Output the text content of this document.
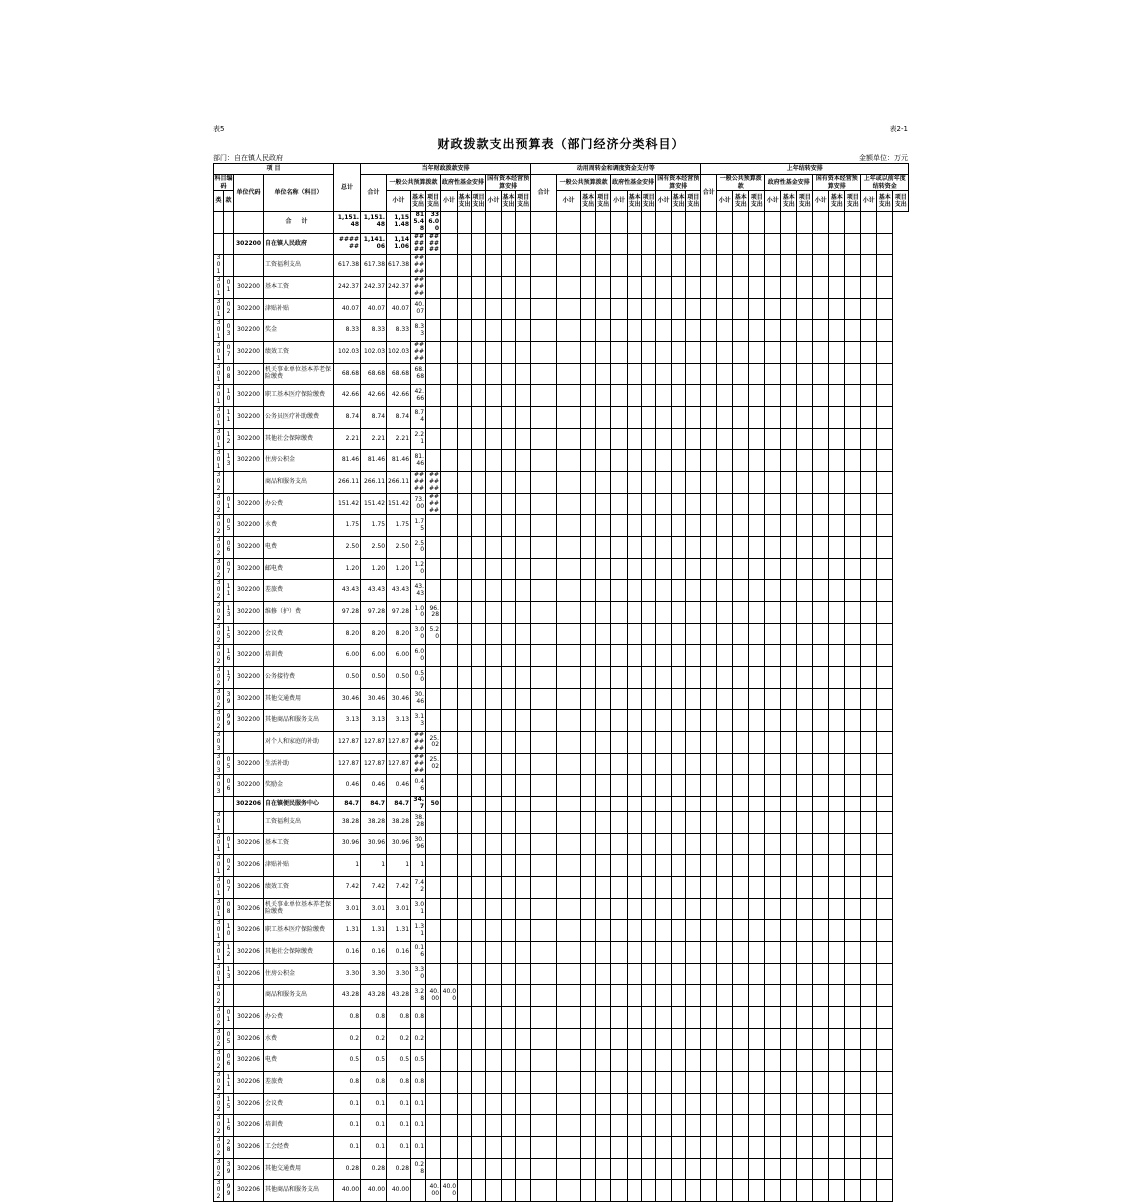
表5	表2-1
财政拨款支出预算表（部门经济分类科目）
部门：自在镇人民政府	金额单位：万元
项 目				总计	当年财政拨款安排										动用周转金和调度资金支付等										上年结转安排												
科目编码		单位代码	单位名称（科目）		合计	一般公共预算拨款			政府性基金安排			国有资本经营预算安排			合计	一般公共预算拨款			政府性基金安排			国有资本经营预算安排			合计	一般公共预算拨款			政府性基金安排			国有资本经营预算安排			上年或以前年度结转资金		
类	款					小计	基本支出	项目支出	小计	基本支出	项目支出	小计	基本支出	项目支出		小计	基本支出	项目支出	小计	基本支出	项目支出	小计	基本支出	项目支出		小计	基本支出	项目支出	小计	基本支出	项目支出	小计	基本支出	项目支出	小计	基本支出	项目支出
			合 计	1,151.48	1,151.48	1,151.48	815.48	336.00																													
		302200	自在镇人民政府	######	1,141.06	1,141.06	######	######																													
301			工资福利支出	617.38	617.38	617.38	######																														
301	01	302200	基本工资	242.37	242.37	242.37	######																														
301	02	302200	津贴补贴	40.07	40.07	40.07	40.07																														
301	03	302200	奖金	8.33	8.33	8.33	8.33																														
301	07	302200	绩效工资	102.03	102.03	102.03	######																														
301	08	302200	机关事业单位基本养老保险缴费	68.68	68.68	68.68	68.68																														
301	10	302200	职工基本医疗保险缴费	42.66	42.66	42.66	42.66																														
301	11	302200	公务员医疗补助缴费	8.74	8.74	8.74	8.74																														
301	12	302200	其他社会保障缴费	2.21	2.21	2.21	2.21																														
301	13	302200	住房公积金	81.46	81.46	81.46	81.46																														
302			商品和服务支出	266.11	266.11	266.11	######	######																													
302	01	302200	办公费	151.42	151.42	151.42	73.00	######																													
302	05	302200	水费	1.75	1.75	1.75	1.75																														
302	06	302200	电费	2.50	2.50	2.50	2.50																														
302	07	302200	邮电费	1.20	1.20	1.20	1.20																														
302	11	302200	差旅费	43.43	43.43	43.43	43.43																														
302	13	302200	维修（护）费	97.28	97.28	97.28	1.00	96.28																													
302	15	302200	会议费	8.20	8.20	8.20	3.00	5.20																													
302	16	302200	培训费	6.00	6.00	6.00	6.00																														
302	17	302200	公务接待费	0.50	0.50	0.50	0.50																														
302	39	302200	其他交通费用	30.46	30.46	30.46	30.46																														
302	99	302200	其他商品和服务支出	3.13	3.13	3.13	3.13																														
303			对个人和家庭的补助	127.87	127.87	127.87	######	25.02																													
303	05	302200	生活补助	127.87	127.87	127.87	######	25.02																													
303	06	302200	奖励金	0.46	0.46	0.46	0.46																														
		302206	自在镇便民服务中心	84.7	84.7	84.7	34.7	50																													
301			工资福利支出	38.28	38.28	38.28	38.28																														
301	01	302206	基本工资	30.96	30.96	30.96	30.96																														
301	02	302206	津贴补贴	1	1	1	1																														
301	07	302206	绩效工资	7.42	7.42	7.42	7.42																														
301	08	302206	机关事业单位基本养老保险缴费	3.01	3.01	3.01	3.01																														
301	10	302206	职工基本医疗保险缴费	1.31	1.31	1.31	1.31																														
301	12	302206	其他社会保障缴费	0.16	0.16	0.16	0.16																														
301	13	302206	住房公积金	3.30	3.30	3.30	3.30																														
302			商品和服务支出	43.28	43.28	43.28	3.28	40.00	40.00																												
302	01	302206	办公费	0.8	0.8	0.8	0.8																														
302	05	302206	水费	0.2	0.2	0.2	0.2																														
302	06	302206	电费	0.5	0.5	0.5	0.5																														
302	11	302206	差旅费	0.8	0.8	0.8	0.8																														
302	15	302206	会议费	0.1	0.1	0.1	0.1																														
302	16	302206	培训费	0.1	0.1	0.1	0.1																														
302	28	302206	工会经费	0.1	0.1	0.1	0.1																														
302	39	302206	其他交通费用	0.28	0.28	0.28	0.28																														
302	99	302206	其他商品和服务支出	40.00	40.00	40.00		40.00	40.00																												
